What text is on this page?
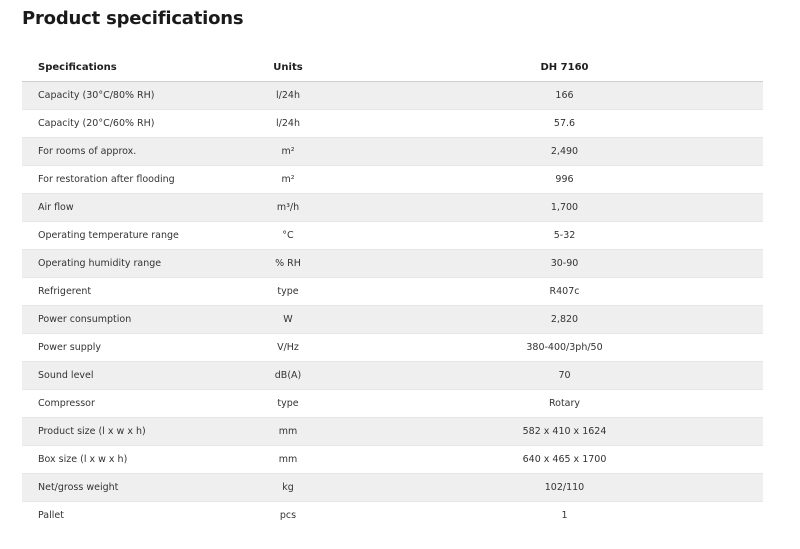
Product specifications
Specifications	Units	DH 7160
Capacity (30°C/80% RH)	l/24h	166
Capacity (20°C/60% RH)	l/24h	57.6
For rooms of approx.	m²	2,490
For restoration after flooding	m²	996
Air flow	m³/h	1,700
Operating temperature range	°C	5-32
Operating humidity range	% RH	30-90
Refrigerent	type	R407c
Power consumption	W	2,820
Power supply	V/Hz	380-400/3ph/50
Sound level	dB(A)	70
Compressor	type	Rotary
Product size (l x w x h)	mm	582 x 410 x 1624
Box size (l x w x h)	mm	640 x 465 x 1700
Net/gross weight	kg	102/110
Pallet	pcs	1
